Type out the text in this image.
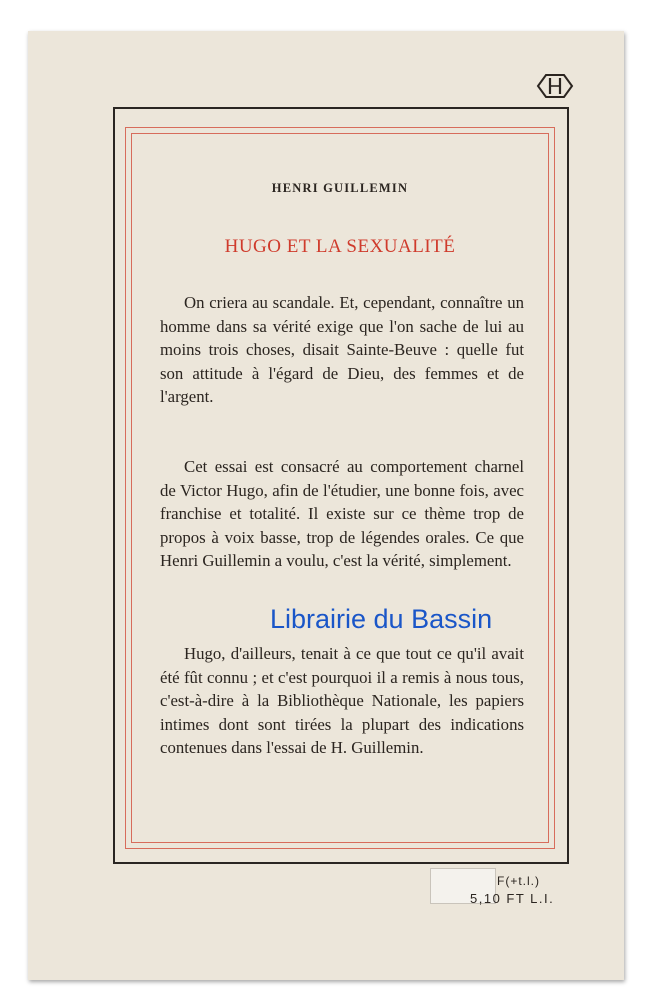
HENRI GUILLEMIN
HUGO ET LA SEXUALITÉ

On criera au scandale. Et, cependant, connaître un homme dans sa vérité exige que l'on sache de lui au moins trois choses, disait Sainte-Beuve : quelle fut son attitude à l'égard de Dieu, des femmes et de l'argent.

Cet essai est consacré au comportement charnel de Victor Hugo, afin de l'étudier, une bonne fois, avec franchise et totalité. Il existe sur ce thème trop de propos à voix basse, trop de légendes orales. Ce que Henri Guillemin a voulu, c'est la vérité, simplement.

Hugo, d'ailleurs, tenait à ce que tout ce qu'il avait été fût connu ; et c'est pourquoi il a remis à nous tous, c'est-à-dire à la Bibliothèque Nationale, les papiers intimes dont sont tirées la plupart des indications contenues dans l'essai de H. Guillemin.

Librairie du Bassin
F(+t.l.)
5,10 FT L.I.
